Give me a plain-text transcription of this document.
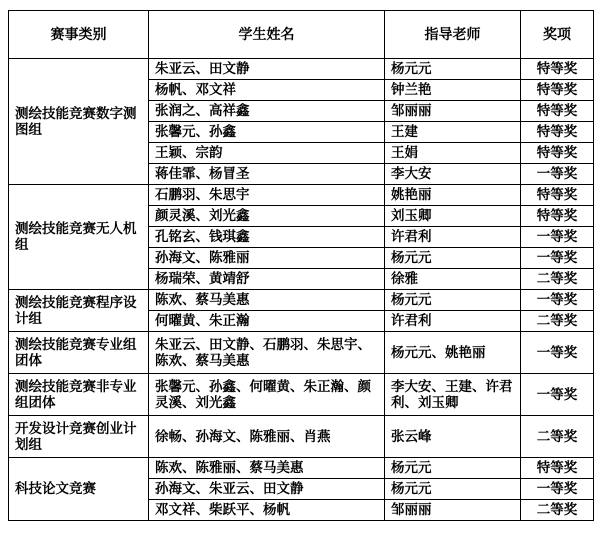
赛事类别	学生姓名	指导老师	奖项
测绘技能竞赛数字测图组	朱亚云、田文静	杨元元	特等奖
	杨帆、邓文祥	钟兰艳	特等奖
	张润之、高祥鑫	邹丽丽	特等奖
	张馨元、孙鑫	王建	特等奖
	王颖、宗韵	王娟	特等奖
	蒋佳霏、杨冒圣	李大安	一等奖
测绘技能竞赛无人机组	石鹏羽、朱思宇	姚艳丽	特等奖
	颜灵溪、刘光鑫	刘玉卿	特等奖
	孔铭玄、钱琪鑫	许君利	一等奖
	孙海文、陈雅丽	杨元元	一等奖
	杨瑞荣、黄靖舒	徐雅	二等奖
测绘技能竞赛程序设计组	陈欢、蔡马美惠	杨元元	一等奖
	何曜黄、朱正瀚	许君利	二等奖
测绘技能竞赛专业组团体	朱亚云、田文静、石鹏羽、朱思宇、陈欢、蔡马美惠	杨元元、姚艳丽	一等奖
测绘技能竞赛非专业组团体	张馨元、孙鑫、何曜黄、朱正瀚、颜灵溪、刘光鑫	李大安、王建、许君利、刘玉卿	一等奖
开发设计竞赛创业计划组	徐畅、孙海文、陈雅丽、肖燕	张云峰	二等奖
科技论文竞赛	陈欢、陈雅丽、蔡马美惠	杨元元	特等奖
	孙海文、朱亚云、田文静	杨元元	一等奖
	邓文祥、柴跃平、杨帆	邹丽丽	二等奖
